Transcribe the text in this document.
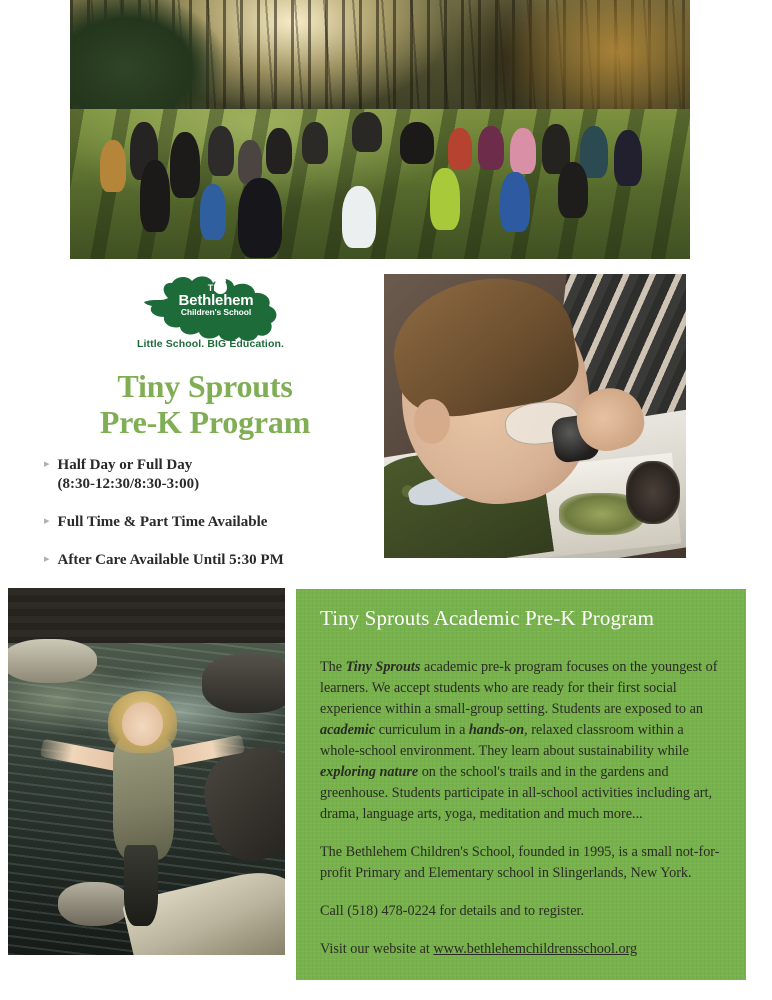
The
Bethlehem
Children's School
Little School. BIG Education.
Tiny Sprouts
Pre-K Program
▸ Half Day or Full Day
(8:30-12:30/8:30-3:00)
▸ Full Time & Part Time Available
▸ After Care Available Until 5:30 PM
Tiny Sprouts Academic Pre-K Program

The Tiny Sprouts academic pre-k program focuses on the youngest of learners. We accept students who are ready for their first social experience within a small-group setting. Students are exposed to an academic curriculum in a hands-on, relaxed classroom within a whole-school environment. They learn about sustainability while exploring nature on the school's trails and in the gardens and greenhouse. Students participate in all-school activities including art, drama, language arts, yoga, meditation and much more...

The Bethlehem Children's School, founded in 1995, is a small not-for-profit Primary and Elementary school in Slingerlands, New York.

Call (518) 478-0224 for details and to register.

Visit our website at www.bethlehemchildrensschool.org
